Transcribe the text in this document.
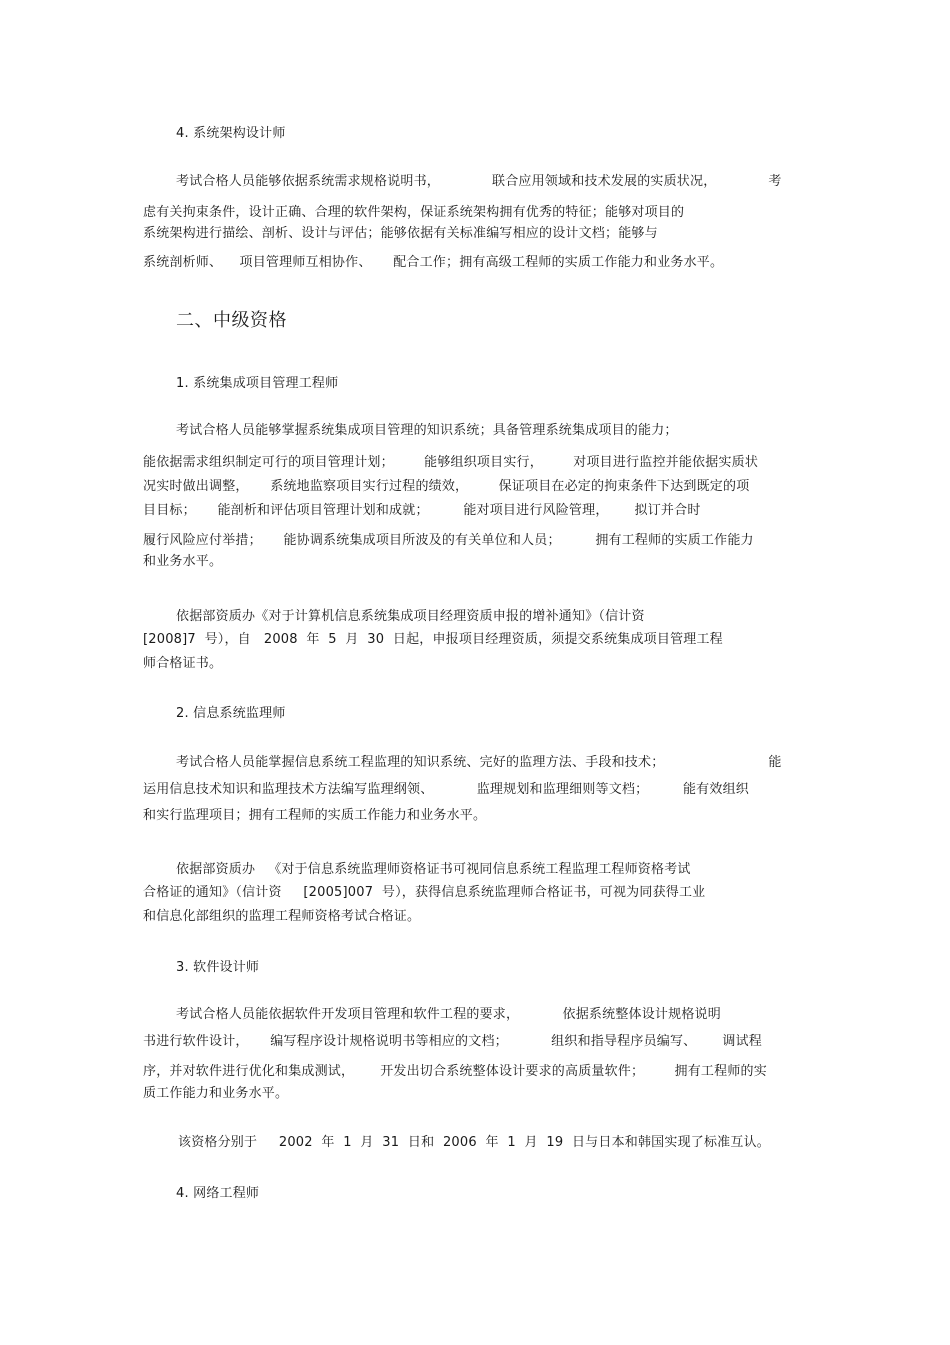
4. 系统架构设计师
考试合格人员能够依据系统需求规格说明书，            联合应用领域和技术发展的实质状况，            考
虑有关拘束条件，设计正确、合理的软件架构，保证系统架构拥有优秀的特征；能够对项目的
系统架构进行描绘、剖析、设计与评估；能够依据有关标准编写相应的设计文档；能够与
系统剖析师、    项目管理师互相协作、     配合工作；拥有高级工程师的实质工作能力和业务水平。
二、中级资格
1. 系统集成项目管理工程师
考试合格人员能够掌握系统集成项目管理的知识系统；具备管理系统集成项目的能力；
能依据需求组织制定可行的项目管理计划；       能够组织项目实行，       对项目进行监控并能依据实质状
况实时做出调整，     系统地监察项目实行过程的绩效，       保证项目在必定的拘束条件下达到既定的项
目目标；     能剖析和评估项目管理计划和成就；        能对项目进行风险管理，      拟订并合时
履行风险应付举措；     能协调系统集成项目所波及的有关单位和人员；        拥有工程师的实质工作能力
和业务水平。
依据部资质办《对于计算机信息系统集成项目经理资质申报的增补通知》（信计资
[2008]7  号），自   2008  年  5  月  30  日起，申报项目经理资质，须提交系统集成项目管理工程
师合格证书。
2. 信息系统监理师
考试合格人员能掌握信息系统工程监理的知识系统、完好的监理方法、手段和技术；                        能
运用信息技术知识和监理技术方法编写监理纲领、          监理规划和监理细则等文档；        能有效组织
和实行监理项目；拥有工程师的实质工作能力和业务水平。
依据部资质办   《对于信息系统监理师资格证书可视同信息系统工程监理工程师资格考试
合格证的通知》（信计资     [2005]007  号），获得信息系统监理师合格证书，可视为同获得工业
和信息化部组织的监理工程师资格考试合格证。
3. 软件设计师
考试合格人员能依据软件开发项目管理和软件工程的要求，          依据系统整体设计规格说明
书进行软件设计，     编写程序设计规格说明书等相应的文档；          组织和指导程序员编写、      调试程
序，并对软件进行优化和集成测试，      开发出切合系统整体设计要求的高质量软件；       拥有工程师的实
质工作能力和业务水平。
该资格分别于     2002  年  1  月  31  日和  2006  年  1  月  19  日与日本和韩国实现了标准互认。
4. 网络工程师
